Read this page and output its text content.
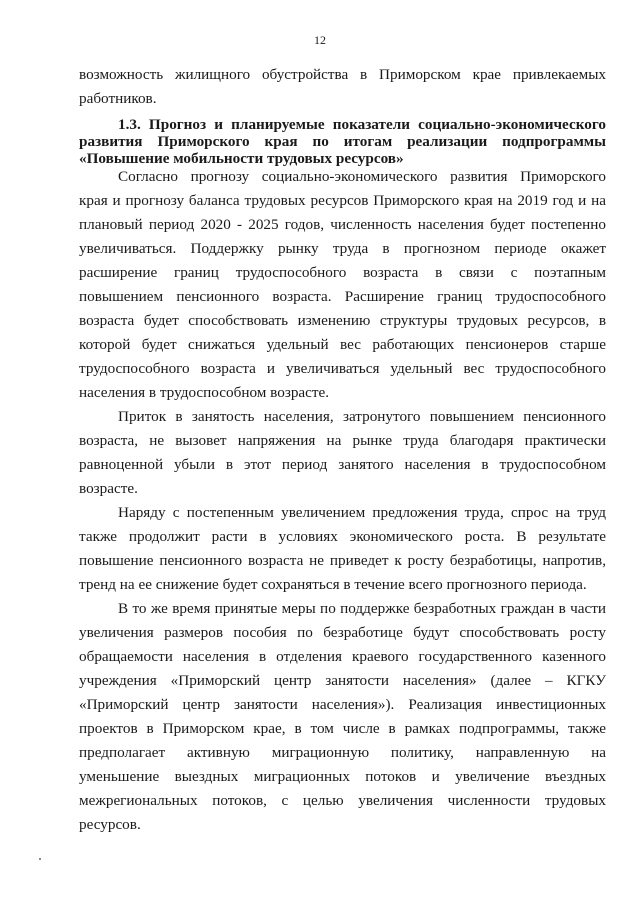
12
возможность жилищного обустройства в Приморском крае привлекаемых
работников.
1.3. Прогноз и планируемые показатели социально-экономического
развития Приморского края по итогам реализации подпрограммы
«Повышение мобильности трудовых ресурсов»
Согласно прогнозу социально-экономического развития Приморского
края и прогнозу баланса трудовых ресурсов Приморского края на 2019 год и на
плановый период 2020 - 2025 годов, численность населения будет постепенно
увеличиваться. Поддержку рынку труда в прогнозном периоде окажет
расширение границ трудоспособного возраста в связи с поэтапным
повышением пенсионного возраста. Расширение границ трудоспособного
возраста будет способствовать изменению структуры трудовых ресурсов, в
которой будет снижаться удельный вес работающих пенсионеров старше
трудоспособного возраста и увеличиваться удельный вес трудоспособного
населения в трудоспособном возрасте.
Приток в занятость населения, затронутого повышением пенсионного
возраста, не вызовет напряжения на рынке труда благодаря практически
равноценной убыли в этот период занятого населения в трудоспособном
возрасте.
Наряду с постепенным увеличением предложения труда, спрос на труд
также продолжит расти в условиях экономического роста. В результате
повышение пенсионного возраста не приведет к росту безработицы, напротив,
тренд на ее снижение будет сохраняться в течение всего прогнозного периода.
В то же время принятые меры по поддержке безработных граждан в части
увеличения размеров пособия по безработице будут способствовать росту
обращаемости населения в отделения краевого государственного казенного
учреждения «Приморский центр занятости населения» (далее – КГКУ
«Приморский центр занятости населения»). Реализация инвестиционных
проектов в Приморском крае, в том числе в рамках подпрограммы, также
предполагает активную миграционную политику, направленную на
уменьшение выездных миграционных потоков и увеличение въездных
межрегиональных потоков, с целью увеличения численности трудовых
ресурсов.
